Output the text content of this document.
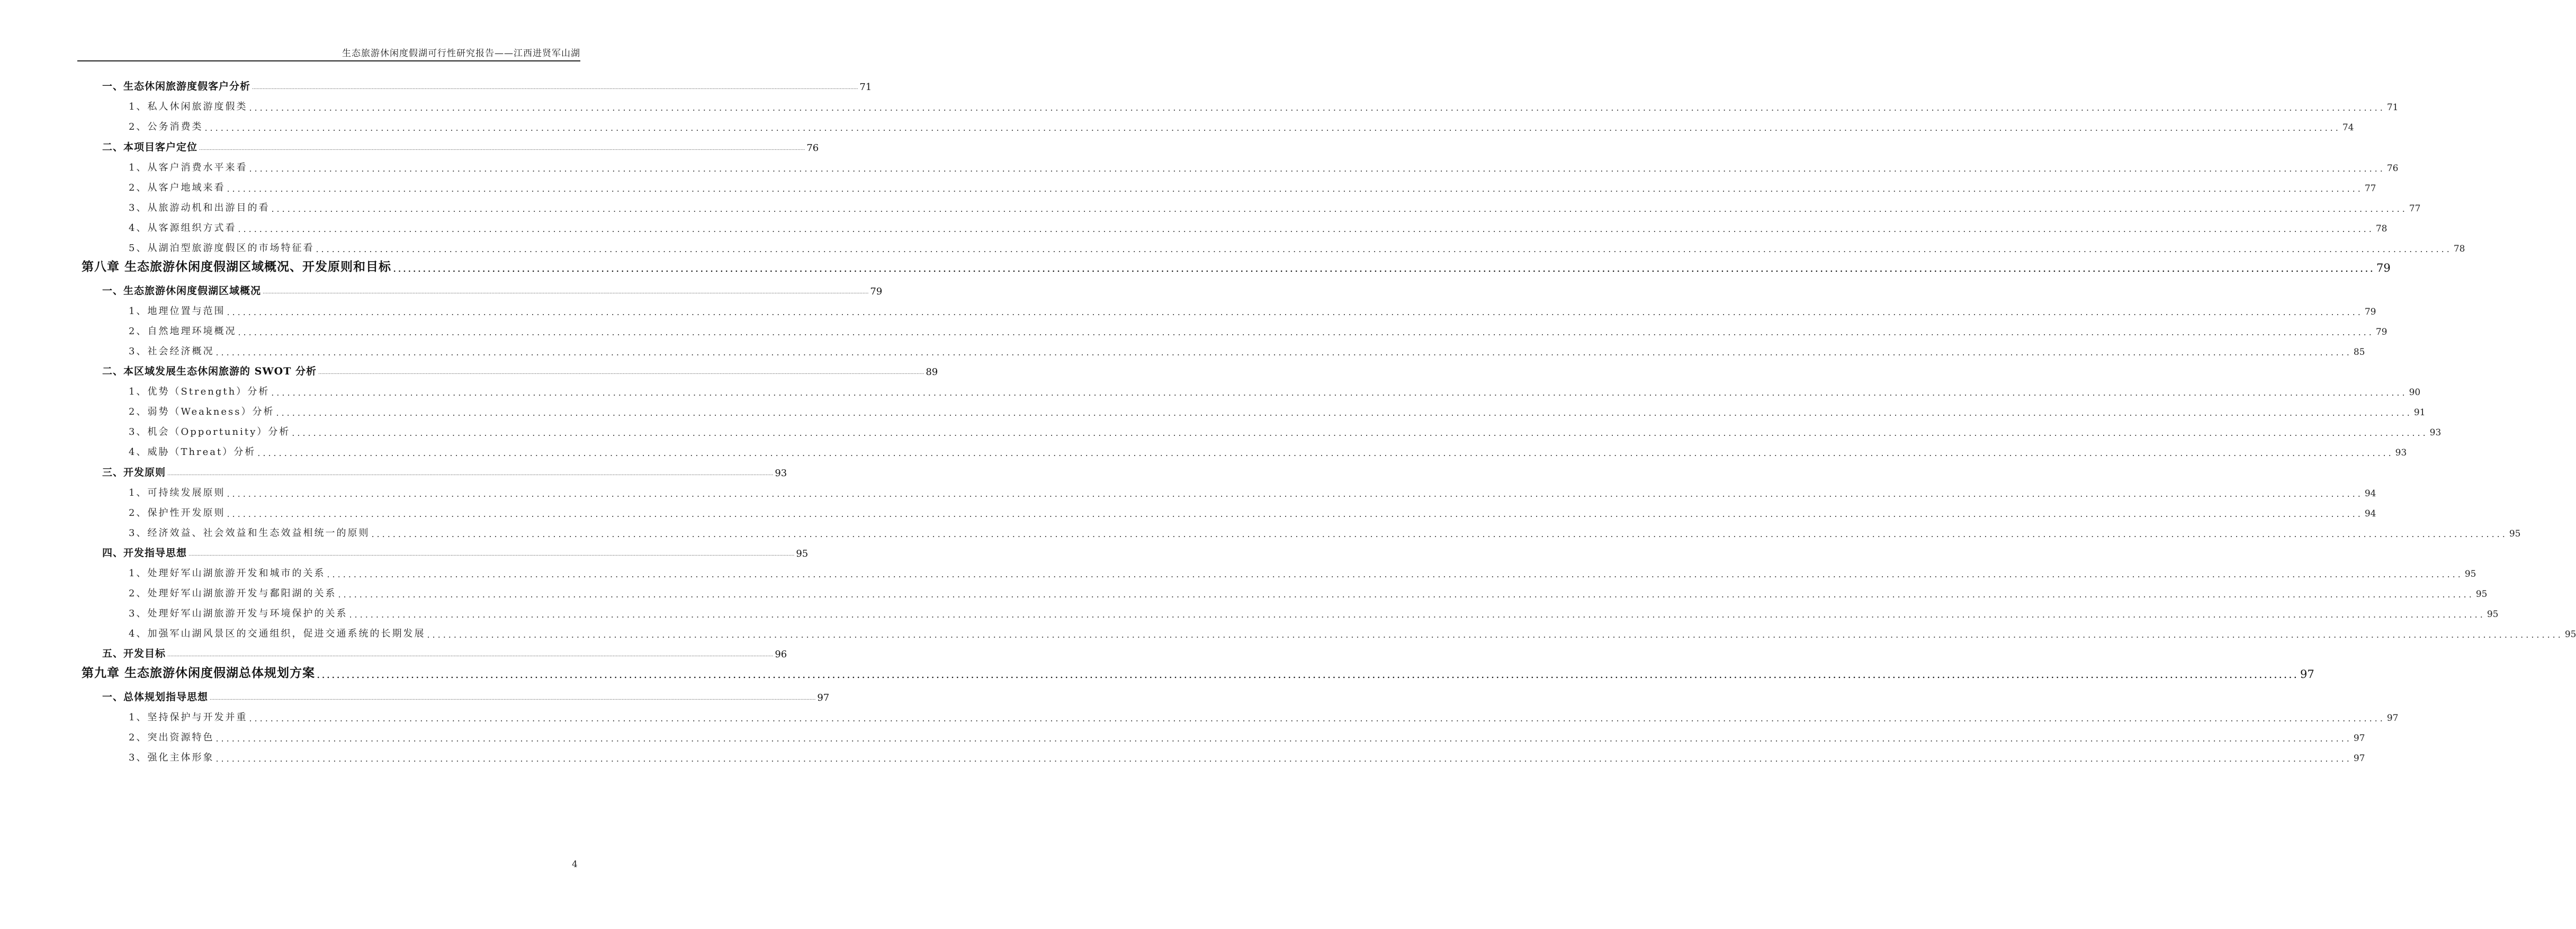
生态旅游休闲度假湖可行性研究报告——江西进贤军山湖
一、生态休闲旅游度假客户分析 ................................................................................................................................................................................................................................................................................................................................................................................................................ 71
1、私人休闲旅游度假类 ................................................................................................................................................................................................................................................................................................................................................................................................................ 71
2、公务消费类 ................................................................................................................................................................................................................................................................................................................................................................................................................ 74
二、本项目客户定位 ................................................................................................................................................................................................................................................................................................................................................................................................................ 76
1、从客户消费水平来看 ................................................................................................................................................................................................................................................................................................................................................................................................................ 76
2、从客户地域来看 ................................................................................................................................................................................................................................................................................................................................................................................................................ 77
3、从旅游动机和出游目的看 ................................................................................................................................................................................................................................................................................................................................................................................................................ 77
4、从客源组织方式看 ................................................................................................................................................................................................................................................................................................................................................................................................................ 78
5、从湖泊型旅游度假区的市场特征看 ................................................................................................................................................................................................................................................................................................................................................................................................................ 78
第八章 生态旅游休闲度假湖区域概况、开发原则和目标 ................................................................................................................................................................................................................................................................................................................................................................................................................ 79
一、生态旅游休闲度假湖区域概况 ................................................................................................................................................................................................................................................................................................................................................................................................................ 79
1、地理位置与范围 ................................................................................................................................................................................................................................................................................................................................................................................................................ 79
2、自然地理环境概况 ................................................................................................................................................................................................................................................................................................................................................................................................................ 79
3、社会经济概况 ................................................................................................................................................................................................................................................................................................................................................................................................................ 85
二、本区域发展生态休闲旅游的 SWOT 分析 ................................................................................................................................................................................................................................................................................................................................................................................................................ 89
1、优势（Strength）分析 ................................................................................................................................................................................................................................................................................................................................................................................................................ 90
2、弱势（Weakness）分析 ................................................................................................................................................................................................................................................................................................................................................................................................................ 91
3、机会（Opportunity）分析 ................................................................................................................................................................................................................................................................................................................................................................................................................ 93
4、威胁（Threat）分析 ................................................................................................................................................................................................................................................................................................................................................................................................................ 93
三、开发原则 ................................................................................................................................................................................................................................................................................................................................................................................................................ 93
1、可持续发展原则 ................................................................................................................................................................................................................................................................................................................................................................................................................ 94
2、保护性开发原则 ................................................................................................................................................................................................................................................................................................................................................................................................................ 94
3、经济效益、社会效益和生态效益相统一的原则 ................................................................................................................................................................................................................................................................................................................................................................................................................ 95
四、开发指导思想 ................................................................................................................................................................................................................................................................................................................................................................................................................ 95
1、处理好军山湖旅游开发和城市的关系 ................................................................................................................................................................................................................................................................................................................................................................................................................ 95
2、处理好军山湖旅游开发与鄱阳湖的关系 ................................................................................................................................................................................................................................................................................................................................................................................................................ 95
3、处理好军山湖旅游开发与环境保护的关系 ................................................................................................................................................................................................................................................................................................................................................................................................................ 95
4、加强军山湖风景区的交通组织，促进交通系统的长期发展 ................................................................................................................................................................................................................................................................................................................................................................................................................ 95
五、开发目标 ................................................................................................................................................................................................................................................................................................................................................................................................................ 96
第九章 生态旅游休闲度假湖总体规划方案 ................................................................................................................................................................................................................................................................................................................................................................................................................ 97
一、总体规划指导思想 ................................................................................................................................................................................................................................................................................................................................................................................................................ 97
1、坚持保护与开发并重 ................................................................................................................................................................................................................................................................................................................................................................................................................ 97
2、突出资源特色 ................................................................................................................................................................................................................................................................................................................................................................................................................ 97
3、强化主体形象 ................................................................................................................................................................................................................................................................................................................................................................................................................ 97
4
